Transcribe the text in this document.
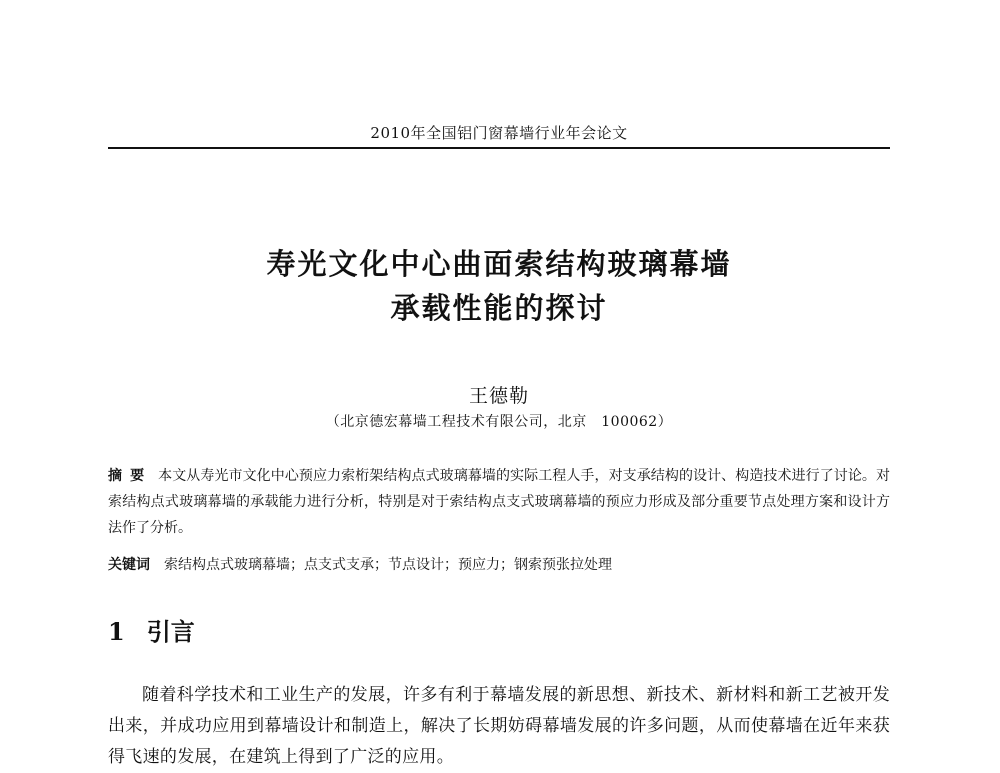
2010年全国铝门窗幕墙行业年会论文
寿光文化中心曲面索结构玻璃幕墙
承载性能的探讨
王德勒
（北京德宏幕墙工程技术有限公司，北京　100062）
摘要 本文从寿光市文化中心预应力索桁架结构点式玻璃幕墙的实际工程人手，对支承结构的设计、构造技术进行了讨论。对索结构点式玻璃幕墙的承载能力进行分析，特别是对于索结构点支式玻璃幕墙的预应力形成及部分重要节点处理方案和设计方法作了分析。
关键词 索结构点式玻璃幕墙；点支式支承；节点设计；预应力；钢索预张拉处理
1 引言
随着科学技术和工业生产的发展，许多有利于幕墙发展的新思想、新技术、新材料和新工艺被开发出来，并成功应用到幕墙设计和制造上，解决了长期妨碍幕墙发展的许多问题，从而使幕墙在近年来获得飞速的发展，在建筑上得到了广泛的应用。
